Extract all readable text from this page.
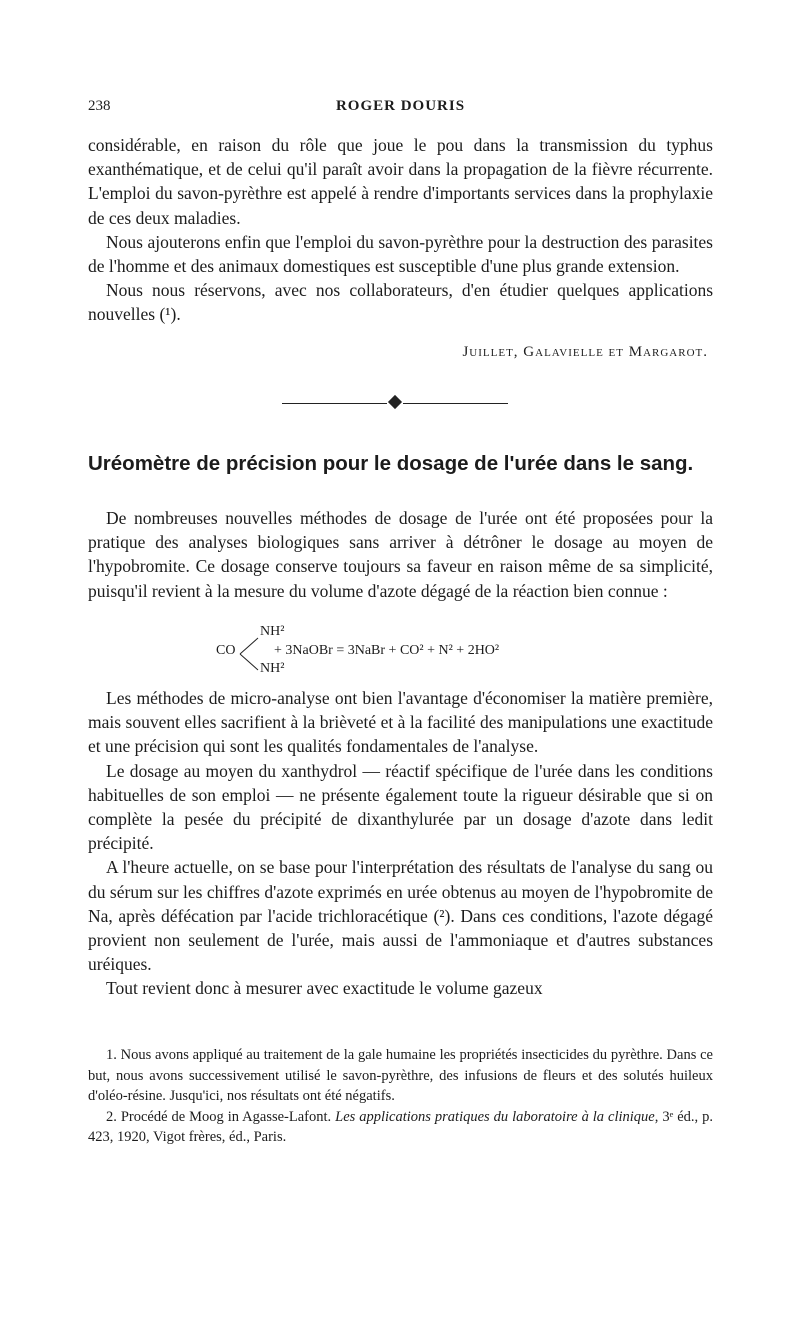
238	ROGER DOURIS

considérable, en raison du rôle que joue le pou dans la transmission du typhus exanthématique, et de celui qu'il paraît avoir dans la propagation de la fièvre récurrente. L'emploi du savon-pyrèthre est appelé à rendre d'importants services dans la prophylaxie de ces deux maladies.

Nous ajouterons enfin que l'emploi du savon-pyrèthre pour la destruction des parasites de l'homme et des animaux domestiques est susceptible d'une plus grande extension.

Nous nous réservons, avec nos collaborateurs, d'en étudier quelques applications nouvelles (¹).

Juillet, Galavielle et Margarot.
Uréomètre de précision pour le dosage de l'urée dans le sang.

De nombreuses nouvelles méthodes de dosage de l'urée ont été proposées pour la pratique des analyses biologiques sans arriver à détrôner le dosage au moyen de l'hypobromite. Ce dosage conserve toujours sa faveur en raison même de sa simplicité, puisqu'il revient à la mesure du volume d'azote dégagé de la réaction bien connue :

CO
NH²
NH²
+ 3NaOBr = 3NaBr + CO² + N² + 2HO²

Les méthodes de micro-analyse ont bien l'avantage d'économiser la matière première, mais souvent elles sacrifient à la brièveté et à la facilité des manipulations une exactitude et une précision qui sont les qualités fondamentales de l'analyse.

Le dosage au moyen du xanthydrol — réactif spécifique de l'urée dans les conditions habituelles de son emploi — ne présente également toute la rigueur désirable que si on complète la pesée du précipité de dixanthylurée par un dosage d'azote dans ledit précipité.

A l'heure actuelle, on se base pour l'interprétation des résultats de l'analyse du sang ou du sérum sur les chiffres d'azote exprimés en urée obtenus au moyen de l'hypobromite de Na, après défécation par l'acide trichloracétique (²). Dans ces conditions, l'azote dégagé provient non seulement de l'urée, mais aussi de l'ammoniaque et d'autres substances uréiques.

Tout revient donc à mesurer avec exactitude le volume gazeux

1. Nous avons appliqué au traitement de la gale humaine les propriétés insecticides du pyrèthre. Dans ce but, nous avons successivement utilisé le savon-pyrèthre, des infusions de fleurs et des solutés huileux d'oléo-résine. Jusqu'ici, nos résultats ont été négatifs.

2. Procédé de Moog in Agasse-Lafont. Les applications pratiques du laboratoire à la clinique, 3ᵉ éd., p. 423, 1920, Vigot frères, éd., Paris.
